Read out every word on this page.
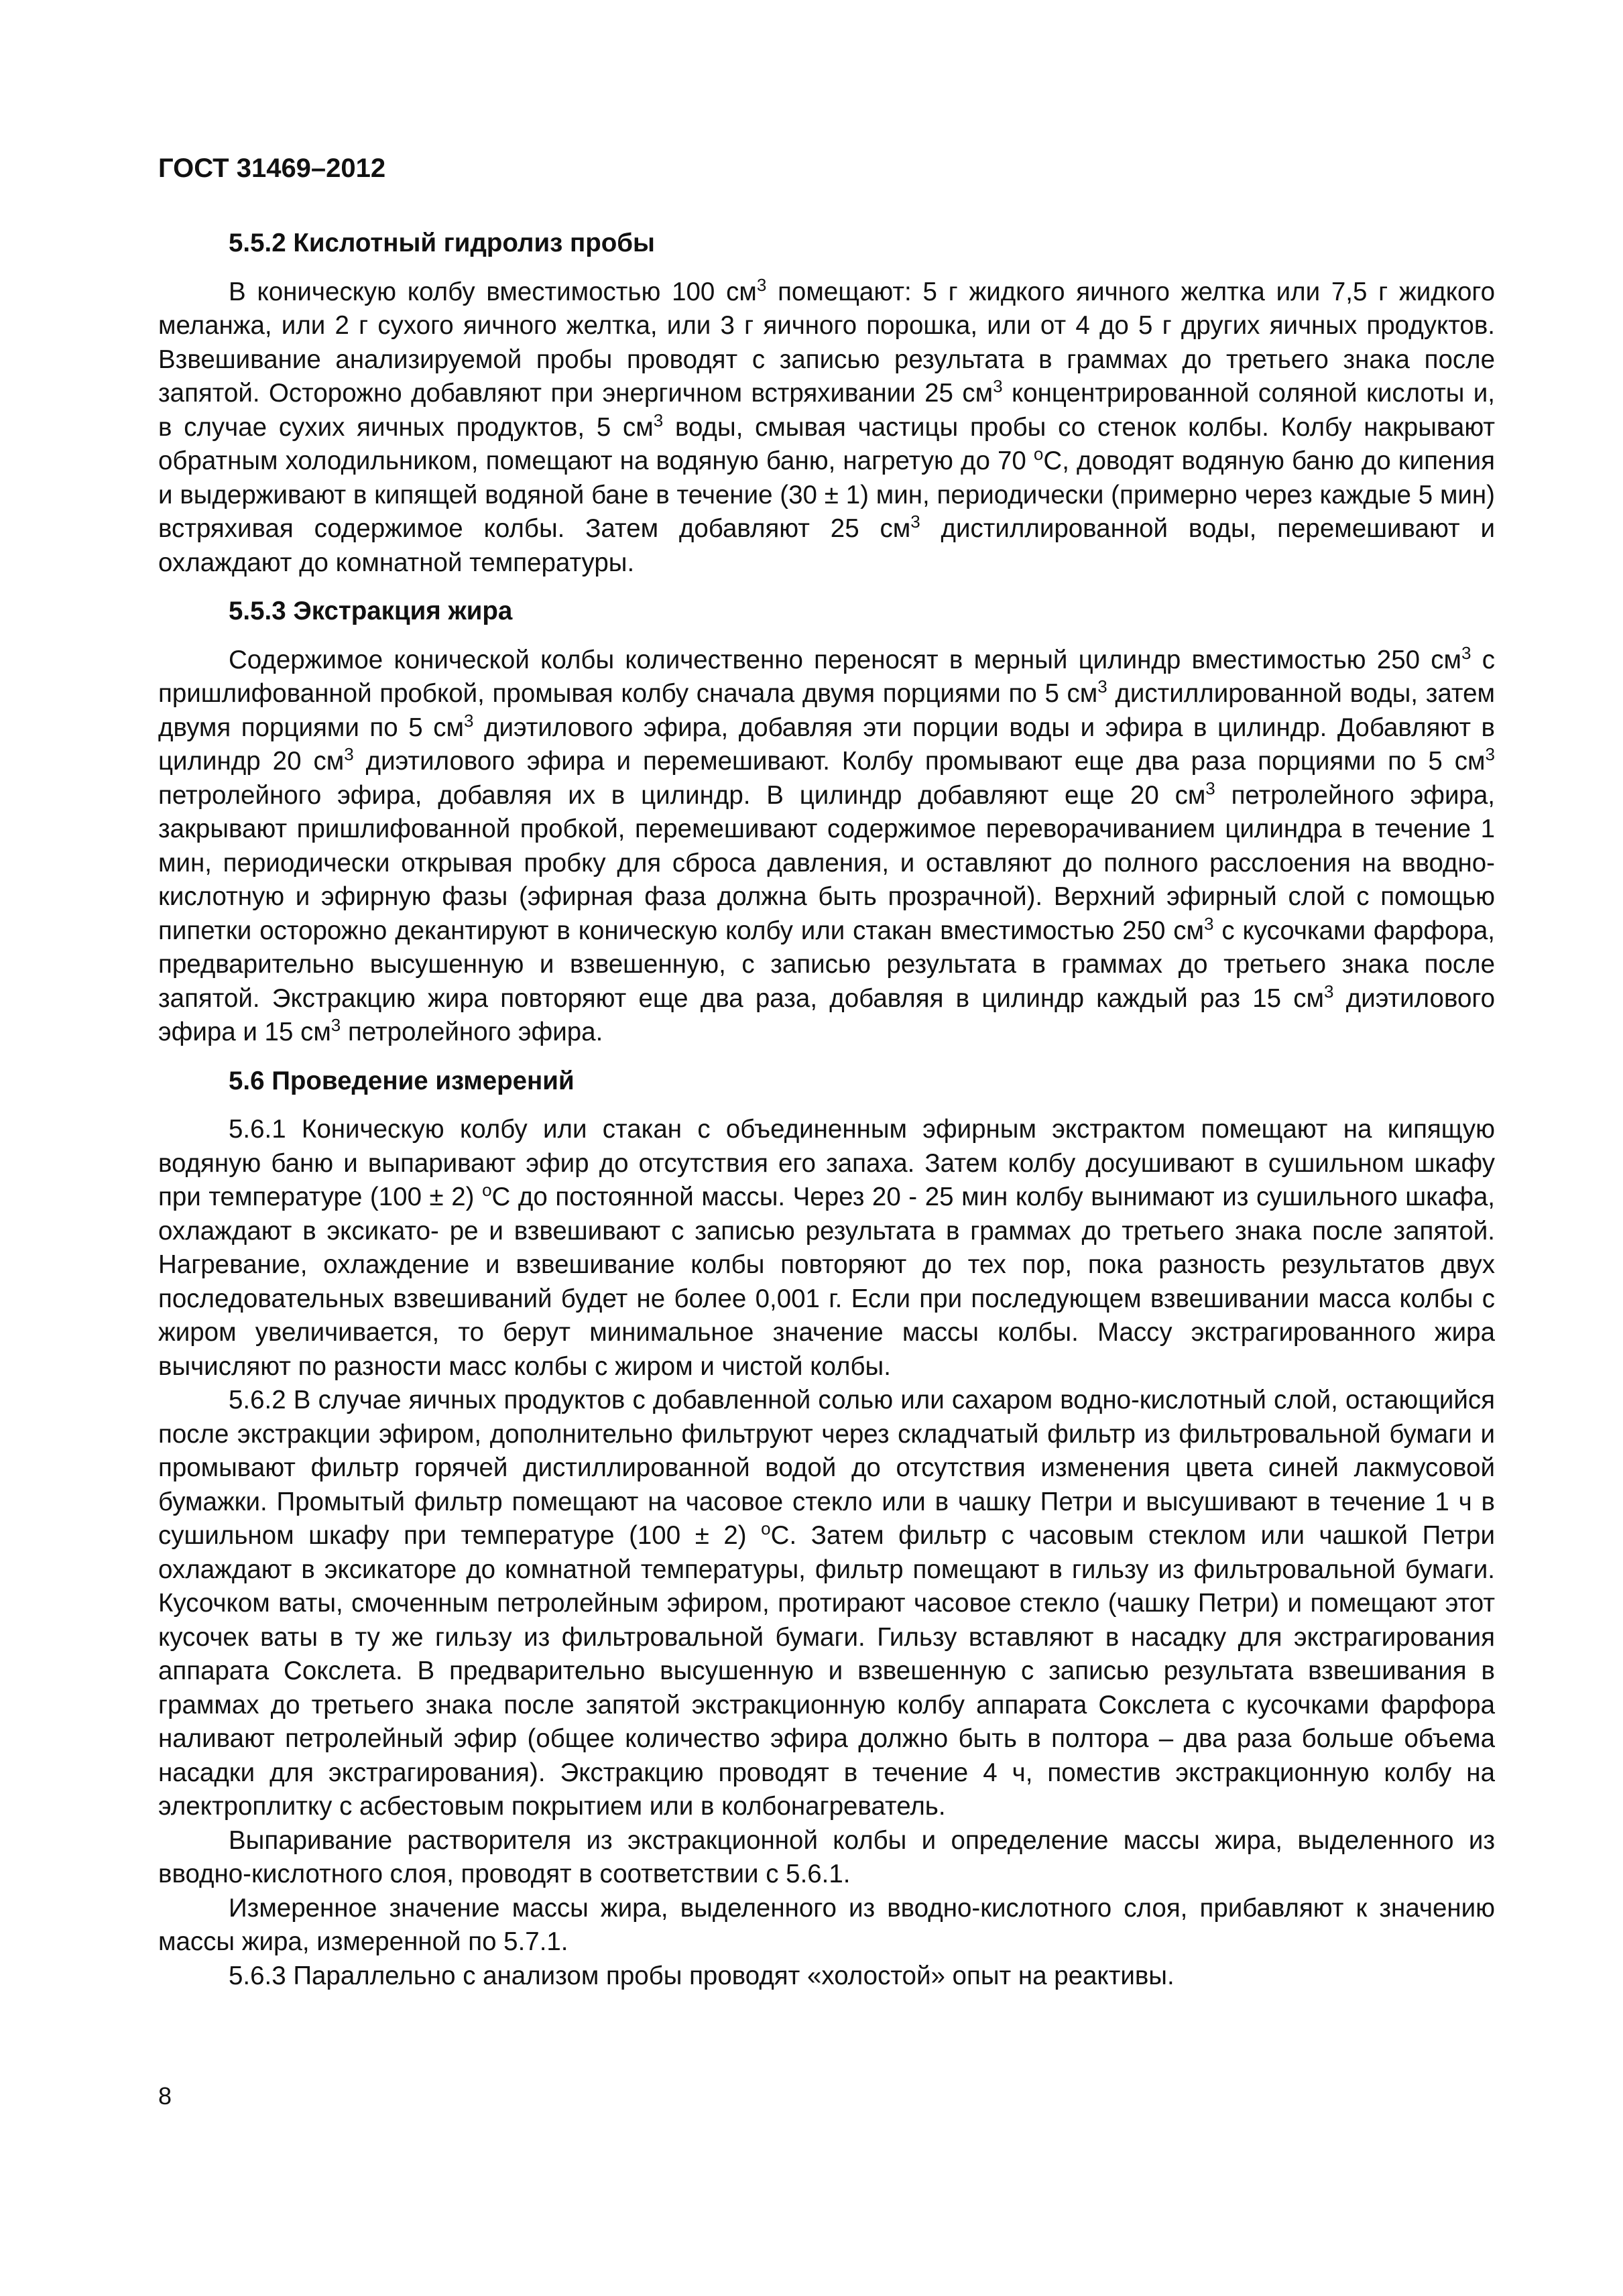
ГОСТ 31469–2012
5.5.2 Кислотный гидролиз пробы

В коническую колбу вместимостью 100 $см^3$ помещают: 5 г жидкого яичного желтка или 7,5 г жидкого меланжа, или 2 г сухого яичного желтка, или 3 г яичного порошка, или от 4 до 5 г других яичных продуктов. Взвешивание анализируемой пробы проводят с записью результата в граммах до третьего знака после запятой. Осторожно добавляют при энергичном встряхивании 25 $см^3$ концентрированной соляной кислоты и, в случае сухих яичных продуктов, 5 $см^3$ воды, смывая частицы пробы со стенок колбы. Колбу накрывают обратным холодильником, помещают на водяную баню, нагретую до 70 $^о$C, доводят водяную баню до кипения и выдерживают в кипящей водяной бане в течение (30 ± 1) мин, периодически (примерно через каждые 5 мин) встряхивая содержимое колбы. Затем добавляют 25 $см^3$ дистиллированной воды, перемешивают и охлаждают до комнатной температуры.

5.5.3 Экстракция жира

Содержимое конической колбы количественно переносят в мерный цилиндр вместимостью 250 $см^3$ с пришлифованной пробкой, промывая колбу сначала двумя порциями по 5 $см^3$ дистиллированной воды, затем двумя порциями по 5 $см^3$ диэтилового эфира, добавляя эти порции воды и эфира в цилиндр. Добавляют в цилиндр 20 $см^3$ диэтилового эфира и перемешивают. Колбу промывают еще два раза порциями по 5 $см^3$ петролейного эфира, добавляя их в цилиндр. В цилиндр добавляют еще 20 $см^3$ петролейного эфира, закрывают пришлифованной пробкой, перемешивают содержимое переворачиванием цилиндра в течение 1 мин, периодически открывая пробку для сброса давления, и оставляют до полного расслоения на вводно-кислотную и эфирную фазы (эфирная фаза должна быть прозрачной). Верхний эфирный слой с помощью пипетки осторожно декантируют в коническую колбу или стакан вместимостью 250 $см^3$ с кусочками фарфора, предварительно высушенную и взвешенную, с записью результата в граммах до третьего знака после запятой. Экстракцию жира повторяют еще два раза, добавляя в цилиндр каждый раз 15 $см^3$ диэтилового эфира и 15 $см^3$ петролейного эфира.

5.6 Проведение измерений

5.6.1 Коническую колбу или стакан с объединенным эфирным экстрактом помещают на кипящую водяную баню и выпаривают эфир до отсутствия его запаха. Затем колбу досушивают в сушильном шкафу при температуре (100 ± 2) $^о$C до постоянной массы. Через 20 - 25 мин колбу вынимают из сушильного шкафа, охлаждают в эксикато- ре и взвешивают с записью результата в граммах до третьего знака после запятой. Нагревание, охлаждение и взвешивание колбы повторяют до тех пор, пока разность результатов двух последовательных взвешиваний будет не более 0,001 г. Если при последующем взвешивании масса колбы с жиром увеличивается, то берут минимальное значение массы колбы. Массу экстрагированного жира вычисляют по разности масс колбы с жиром и чистой колбы.

5.6.2 В случае яичных продуктов с добавленной солью или сахаром водно-кислотный слой, остающийся после экстракции эфиром, дополнительно фильтруют через складчатый фильтр из фильтровальной бумаги и промывают фильтр горячей дистиллированной водой до отсутствия изменения цвета синей лакмусовой бумажки. Промытый фильтр помещают на часовое стекло или в чашку Петри и высушивают в течение 1 ч в сушильном шкафу при температуре (100 ± 2) $^о$C. Затем фильтр с часовым стеклом или чашкой Петри охлаждают в эксикаторе до комнатной температуры, фильтр помещают в гильзу из фильтровальной бумаги. Кусочком ваты, смоченным петролейным эфиром, протирают часовое стекло (чашку Петри) и помещают этот кусочек ваты в ту же гильзу из фильтровальной бумаги. Гильзу вставляют в насадку для экстрагирования аппарата Сокслета. В предварительно высушенную и взвешенную с записью результата взвешивания в граммах до третьего знака после запятой экстракционную колбу аппарата Сокслета с кусочками фарфора наливают петролейный эфир (общее количество эфира должно быть в полтора – два раза больше объема насадки для экстрагирования). Экстракцию проводят в течение 4 ч, поместив экстракционную колбу на электроплитку с асбестовым покрытием или в колбонагреватель.

Выпаривание растворителя из экстракционной колбы и определение массы жира, выделенного из вводно-кислотного слоя, проводят в соответствии с 5.6.1.

Измеренное значение массы жира, выделенного из вводно-кислотного слоя, прибавляют к значению массы жира, измеренной по 5.7.1.

5.6.3 Параллельно с анализом пробы проводят «холостой» опыт на реактивы.

8
